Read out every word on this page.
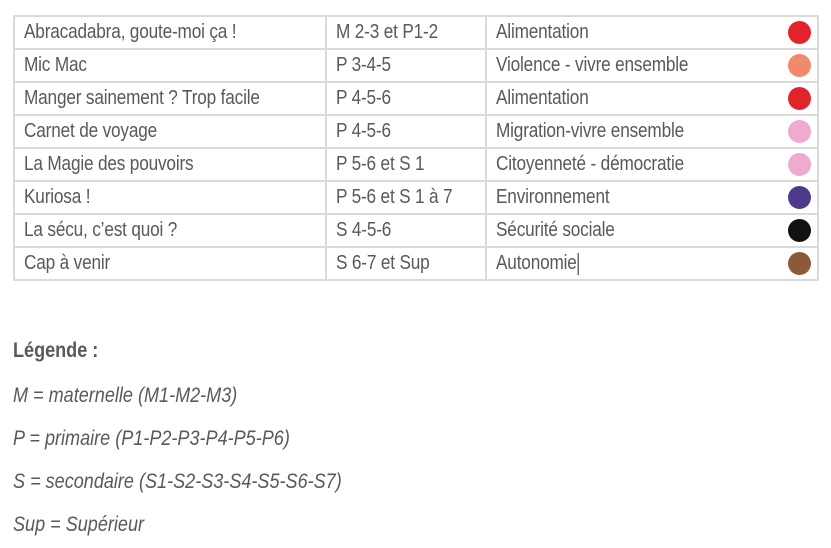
Abracadabra, goute-moi ça !	M 2-3 et P1-2	Alimentation

Mic Mac	P 3-4-5	Violence - vivre ensemble

Manger sainement ? Trop facile	P 4-5-6	Alimentation

Carnet de voyage	P 4-5-6	Migration-vivre ensemble

La Magie des pouvoirs	P 5-6 et S 1	Citoyenneté - démocratie

Kuriosa !	P 5-6 et S 1 à 7	Environnement

La sécu, c’est quoi ?	S 4-5-6	Sécurité sociale

Cap à venir	S 6-7 et Sup	Autonomie
Légende :
M = maternelle (M1-M2-M3)
P = primaire (P1-P2-P3-P4-P5-P6)
S = secondaire (S1-S2-S3-S4-S5-S6-S7)
Sup = Supérieur
